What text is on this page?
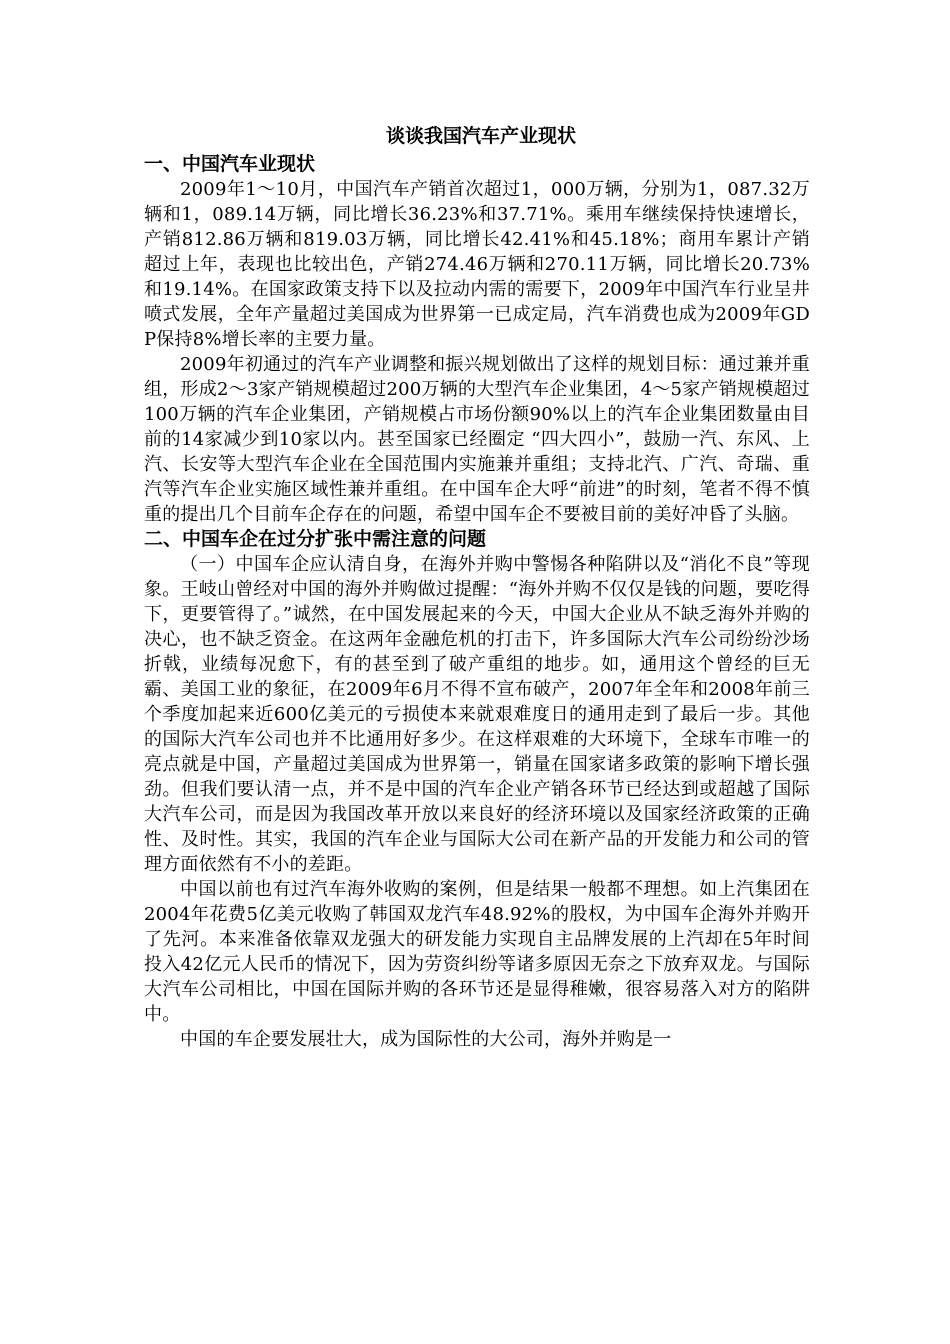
谈谈我国汽车产业现状
一、中国汽车业现状

2009年1～10月，中国汽车产销首次超过1，000万辆，分别为1，087.32万辆和1，089.14万辆，同比增长36.23%和37.71%。乘用车继续保持快速增长，产销812.86万辆和819.03万辆，同比增长42.41%和45.18%；商用车累计产销超过上年，表现也比较出色，产销274.46万辆和270.11万辆，同比增长20.73%和19.14%。在国家政策支持下以及拉动内需的需要下，2009年中国汽车行业呈井喷式发展，全年产量超过美国成为世界第一已成定局，汽车消费也成为2009年GDP保持8%增长率的主要力量。

2009年初通过的汽车产业调整和振兴规划做出了这样的规划目标：通过兼并重组，形成2～3家产销规模超过200万辆的大型汽车企业集团，4～5家产销规模超过100万辆的汽车企业集团，产销规模占市场份额90%以上的汽车企业集团数量由目前的14家减少到10家以内。甚至国家已经圈定 “四大四小”，鼓励一汽、东风、上汽、长安等大型汽车企业在全国范围内实施兼并重组；支持北汽、广汽、奇瑞、重汽等汽车企业实施区域性兼并重组。在中国车企大呼“前进”的时刻，笔者不得不慎重的提出几个目前车企存在的问题，希望中国车企不要被目前的美好冲昏了头脑。

二、中国车企在过分扩张中需注意的问题

（一）中国车企应认清自身，在海外并购中警惕各种陷阱以及“消化不良”等现象。王岐山曾经对中国的海外并购做过提醒：“海外并购不仅仅是钱的问题，要吃得下，更要管得了。”诚然，在中国发展起来的今天，中国大企业从不缺乏海外并购的决心，也不缺乏资金。在这两年金融危机的打击下，许多国际大汽车公司纷纷沙场折戟，业绩每况愈下，有的甚至到了破产重组的地步。如，通用这个曾经的巨无霸、美国工业的象征，在2009年6月不得不宣布破产，2007年全年和2008年前三个季度加起来近600亿美元的亏损使本来就艰难度日的通用走到了最后一步。其他的国际大汽车公司也并不比通用好多少。在这样艰难的大环境下，全球车市唯一的亮点就是中国，产量超过美国成为世界第一，销量在国家诸多政策的影响下增长强劲。但我们要认清一点，并不是中国的汽车企业产销各环节已经达到或超越了国际大汽车公司，而是因为我国改革开放以来良好的经济环境以及国家经济政策的正确性、及时性。其实，我国的汽车企业与国际大公司在新产品的开发能力和公司的管理方面依然有不小的差距。

中国以前也有过汽车海外收购的案例，但是结果一般都不理想。如上汽集团在2004年花费5亿美元收购了韩国双龙汽车48.92%的股权，为中国车企海外并购开了先河。本来准备依靠双龙强大的研发能力实现自主品牌发展的上汽却在5年时间投入42亿元人民币的情况下，因为劳资纠纷等诸多原因无奈之下放弃双龙。与国际大汽车公司相比，中国在国际并购的各环节还是显得稚嫩，很容易落入对方的陷阱中。

中国的车企要发展壮大，成为国际性的大公司，海外并购是一
